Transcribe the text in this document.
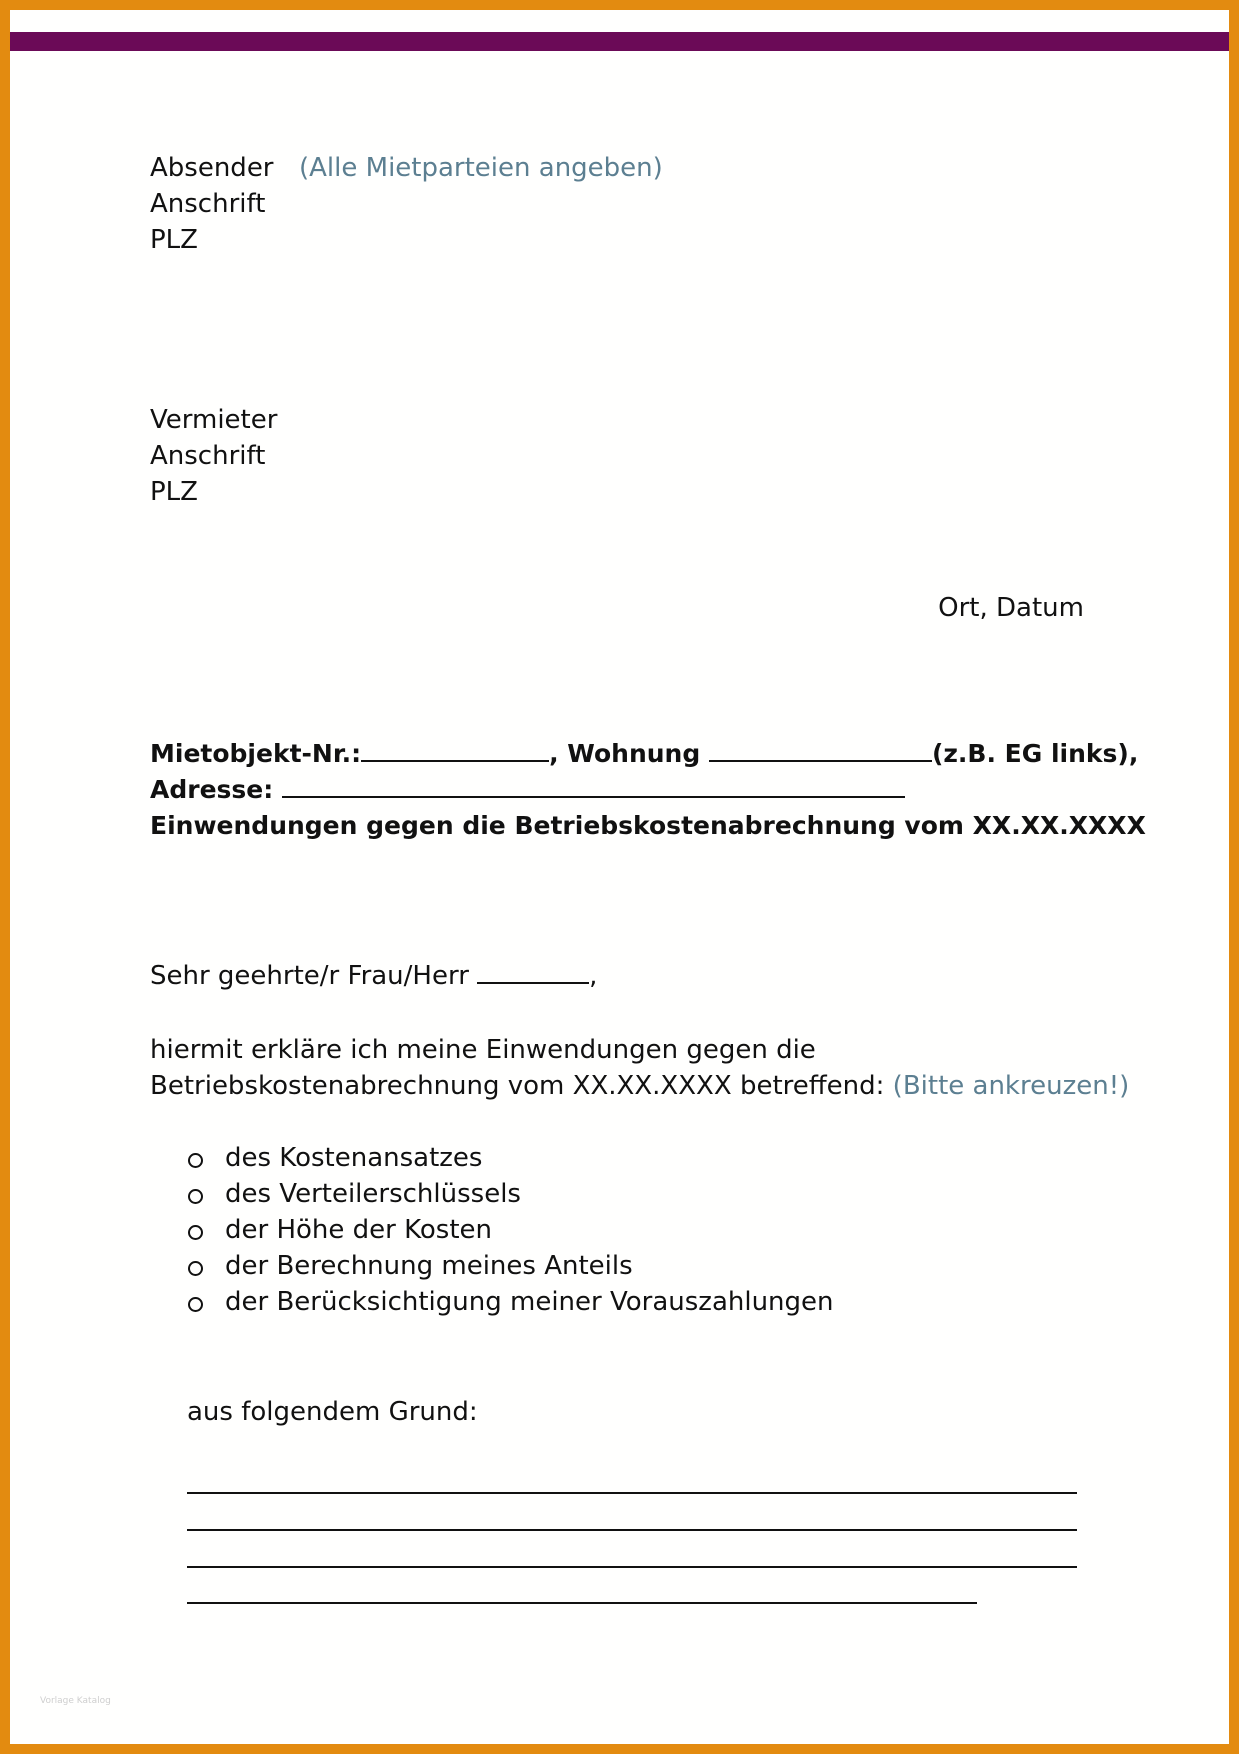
Absender (Alle Mietparteien angeben)
Anschrift
PLZ
Vermieter
Anschrift
PLZ
Ort, Datum
Mietobjekt-Nr.:	, Wohnung	(z.B. EG links),
Adresse:
Einwendungen gegen die Betriebskostenabrechnung vom XX.XX.XXXX
Sehr geehrte/r Frau/Herr	,
hiermit erkläre ich meine Einwendungen gegen die
Betriebskostenabrechnung vom XX.XX.XXXX betreffend: (Bitte ankreuzen!)
des Kostenansatzes
des Verteilerschlüssels
der Höhe der Kosten
der Berechnung meines Anteils
der Berücksichtigung meiner Vorauszahlungen
aus folgendem Grund:
Vorlage Katalog
